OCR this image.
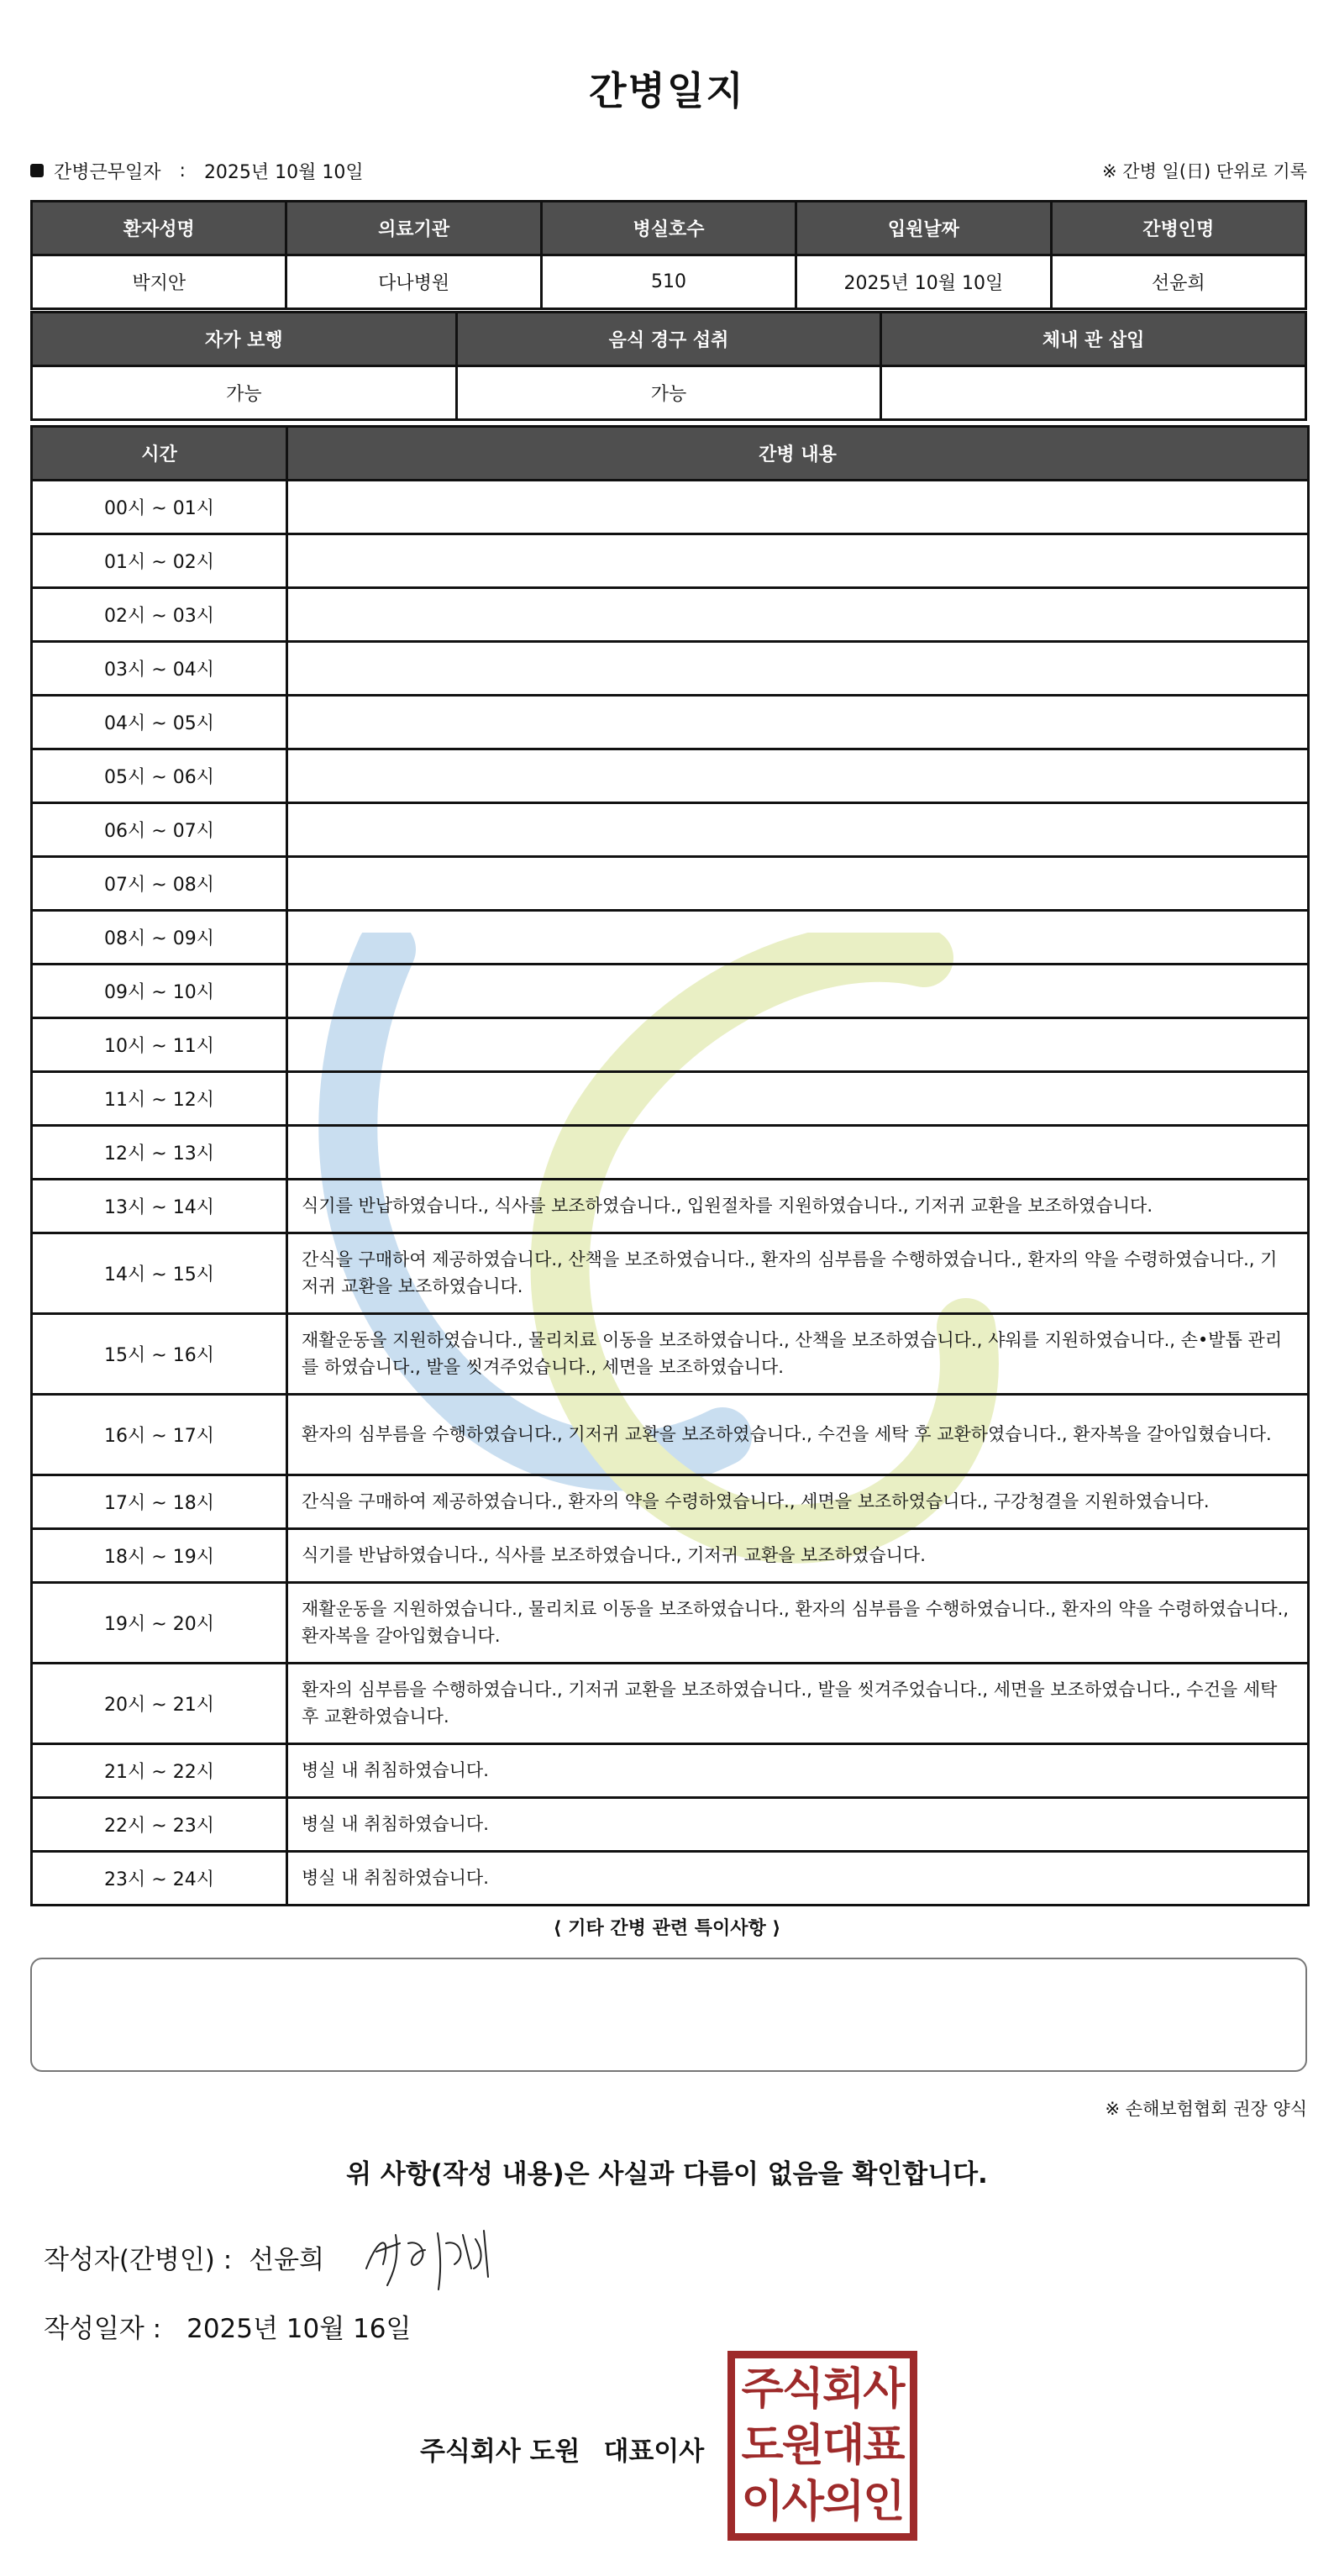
간병일지
간병근무일자 : 2025년 10월 10일	※ 간병 일(日) 단위로 기록
환자성명	의료기관	병실호수	입원날짜	간병인명
박지안	다나병원	510	2025년 10월 10일	선윤희
자가 보행	음식 경구 섭취	체내 관 삽입
가능	가능	
시간	간병 내용
00시 ~ 01시	
01시 ~ 02시	
02시 ~ 03시	
03시 ~ 04시	
04시 ~ 05시	
05시 ~ 06시	
06시 ~ 07시	
07시 ~ 08시	
08시 ~ 09시	
09시 ~ 10시	
10시 ~ 11시	
11시 ~ 12시	
12시 ~ 13시	
13시 ~ 14시	식기를 반납하였습니다., 식사를 보조하였습니다., 입원절차를 지원하였습니다., 기저귀 교환을 보조하였습니다.
14시 ~ 15시	간식을 구매하여 제공하였습니다., 산책을 보조하였습니다., 환자의 심부름을 수행하였습니다., 환자의 약을 수령하였습니다., 기저귀 교환을 보조하였습니다.
15시 ~ 16시	재활운동을 지원하였습니다., 물리치료 이동을 보조하였습니다., 산책을 보조하였습니다., 샤워를 지원하였습니다., 손•발톱 관리를 하였습니다., 발을 씻겨주었습니다., 세면을 보조하였습니다.
16시 ~ 17시	환자의 심부름을 수행하였습니다., 기저귀 교환을 보조하였습니다., 수건을 세탁 후 교환하였습니다., 환자복을 갈아입혔습니다.
17시 ~ 18시	간식을 구매하여 제공하였습니다., 환자의 약을 수령하였습니다., 세면을 보조하였습니다., 구강청결을 지원하였습니다.
18시 ~ 19시	식기를 반납하였습니다., 식사를 보조하였습니다., 기저귀 교환을 보조하였습니다.
19시 ~ 20시	재활운동을 지원하였습니다., 물리치료 이동을 보조하였습니다., 환자의 심부름을 수행하였습니다., 환자의 약을 수령하였습니다., 환자복을 갈아입혔습니다.
20시 ~ 21시	환자의 심부름을 수행하였습니다., 기저귀 교환을 보조하였습니다., 발을 씻겨주었습니다., 세면을 보조하였습니다., 수건을 세탁 후 교환하였습니다.
21시 ~ 22시	병실 내 취침하였습니다.
22시 ~ 23시	병실 내 취침하였습니다.
23시 ~ 24시	병실 내 취침하였습니다.
⟨ 기타 간병 관련 특이사항 ⟩
※ 손해보험협회 권장 양식
위 사항(작성 내용)은 사실과 다름이 없음을 확인합니다.
작성자(간병인) : 선윤희
작성일자 : 2025년 10월 16일
주식회사 도원 대표이사
주식회사
도원대표
이사의인
